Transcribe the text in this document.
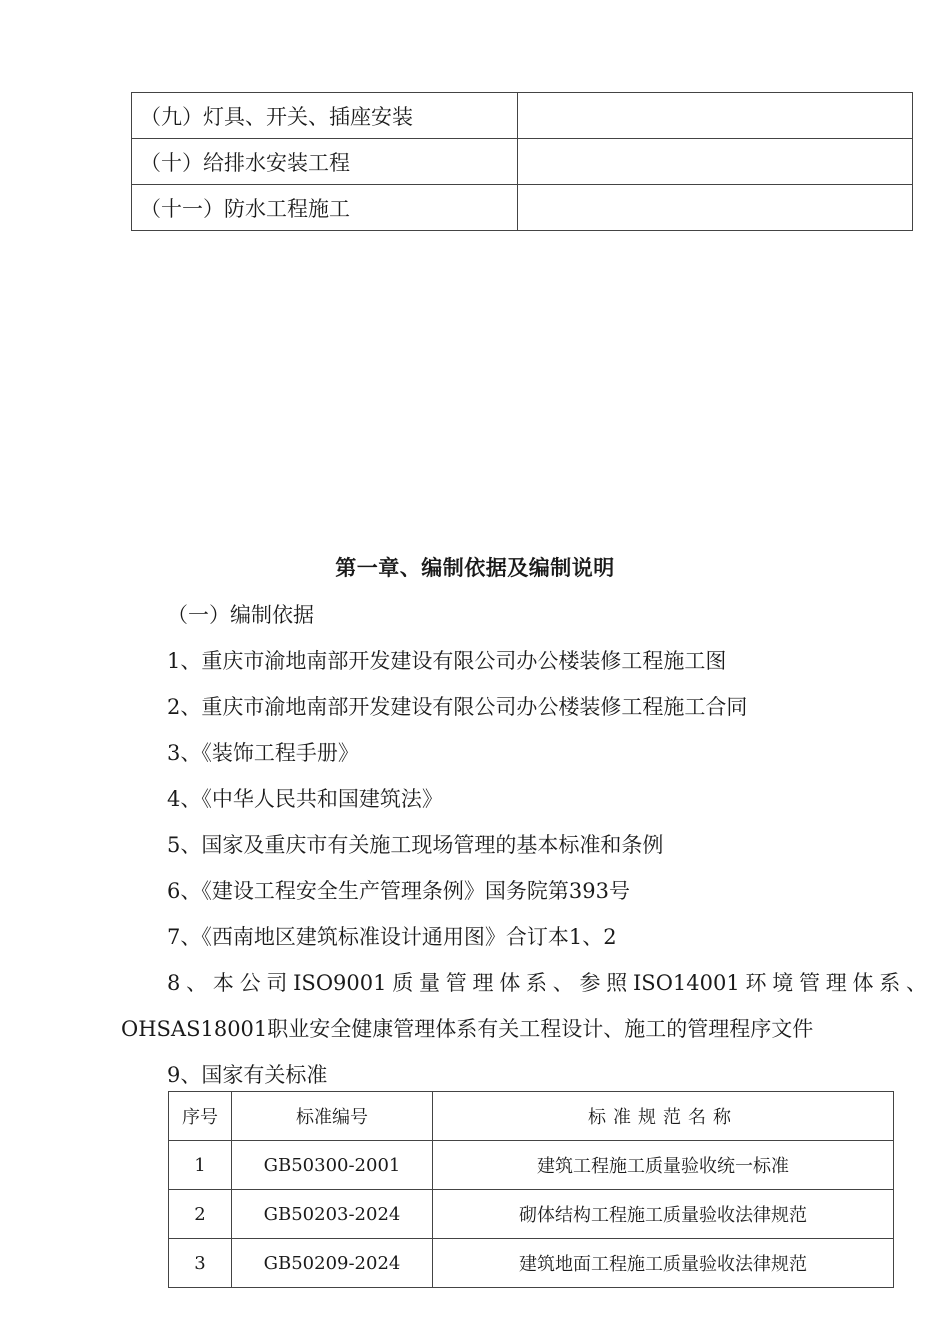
（九）灯具、开关、插座安装	
（十）给排水安装工程	
（十一）防水工程施工	
第一章、编制依据及编制说明
（一）编制依据
1、重庆市渝地南部开发建设有限公司办公楼装修工程施工图
2、重庆市渝地南部开发建设有限公司办公楼装修工程施工合同
3、《装饰工程手册》
4、《中华人民共和国建筑法》
5、国家及重庆市有关施工现场管理的基本标准和条例
6、《建设工程安全生产管理条例》国务院第393号
7、《西南地区建筑标准设计通用图》合订本1、2
8、本公司ISO9001质量管理体系、参照ISO14001环境管理体系、
OHSAS18001职业安全健康管理体系有关工程设计、施工的管理程序文件
9、国家有关标准
序号	标准编号	标准规范名称
1	GB50300-2001	建筑工程施工质量验收统一标准
2	GB50203-2024	砌体结构工程施工质量验收法律规范
3	GB50209-2024	建筑地面工程施工质量验收法律规范
